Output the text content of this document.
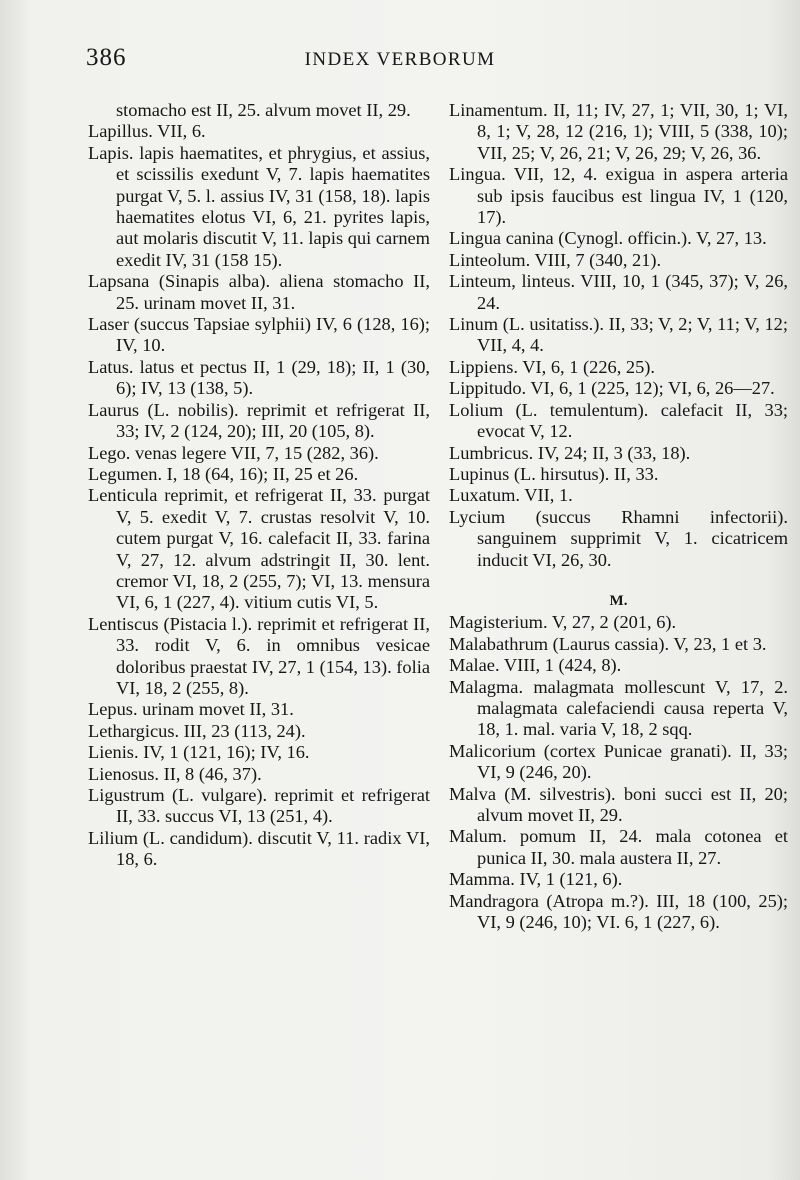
386	INDEX VERBORUM

stomacho est II, 25. alvum movet II, 29.

Lapillus. VII, 6.

Lapis. lapis haematites, et phrygius, et assius, et scissilis exedunt V, 7. lapis haematites purgat V, 5. l. assius IV, 31 (158, 18). lapis haematites elotus VI, 6, 21. pyrites lapis, aut molaris discutit V, 11. lapis qui carnem exedit IV, 31 (158 15).

Lapsana (Sinapis alba). aliena stomacho II, 25. urinam movet II, 31.

Laser (succus Tapsiae sylphii) IV, 6 (128, 16); IV, 10.

Latus. latus et pectus II, 1 (29, 18); II, 1 (30, 6); IV, 13 (138, 5).

Laurus (L. nobilis). reprimit et refrigerat II, 33; IV, 2 (124, 20); III, 20 (105, 8).

Lego. venas legere VII, 7, 15 (282, 36).

Legumen. I, 18 (64, 16); II, 25 et 26.

Lenticula reprimit, et refrigerat II, 33. purgat V, 5. exedit V, 7. crustas resolvit V, 10. cutem purgat V, 16. calefacit II, 33. farina V, 27, 12. alvum adstringit II, 30. lent. cremor VI, 18, 2 (255, 7); VI, 13. mensura VI, 6, 1 (227, 4). vitium cutis VI, 5.

Lentiscus (Pistacia l.). reprimit et refrigerat II, 33. rodit V, 6. in omnibus vesicae doloribus praestat IV, 27, 1 (154, 13). folia VI, 18, 2 (255, 8).

Lepus. urinam movet II, 31.

Lethargicus. III, 23 (113, 24).

Lienis. IV, 1 (121, 16); IV, 16.

Lienosus. II, 8 (46, 37).

Ligustrum (L. vulgare). reprimit et refrigerat II, 33. succus VI, 13 (251, 4).

Lilium (L. candidum). discutit V, 11. radix VI, 18, 6.

Linamentum. II, 11; IV, 27, 1; VII, 30, 1; VI, 8, 1; V, 28, 12 (216, 1); VIII, 5 (338, 10); VII, 25; V, 26, 21; V, 26, 29; V, 26, 36.

Lingua. VII, 12, 4. exigua in aspera arteria sub ipsis faucibus est lingua IV, 1 (120, 17).

Lingua canina (Cynogl. officin.). V, 27, 13.

Linteolum. VIII, 7 (340, 21).

Linteum, linteus. VIII, 10, 1 (345, 37); V, 26, 24.

Linum (L. usitatiss.). II, 33; V, 2; V, 11; V, 12; VII, 4, 4.

Lippiens. VI, 6, 1 (226, 25).

Lippitudo. VI, 6, 1 (225, 12); VI, 6, 26—27.

Lolium (L. temulentum). calefacit II, 33; evocat V, 12.

Lumbricus. IV, 24; II, 3 (33, 18).

Lupinus (L. hirsutus). II, 33.

Luxatum. VII, 1.

Lycium (succus Rhamni infectorii). sanguinem supprimit V, 1. cicatricem inducit VI, 26, 30.

M.

Magisterium. V, 27, 2 (201, 6).

Malabathrum (Laurus cassia). V, 23, 1 et 3.

Malae. VIII, 1 (424, 8).

Malagma. malagmata mollescunt V, 17, 2. malagmata calefaciendi causa reperta V, 18, 1. mal. varia V, 18, 2 sqq.

Malicorium (cortex Punicae granati). II, 33; VI, 9 (246, 20).

Malva (M. silvestris). boni succi est II, 20; alvum movet II, 29.

Malum. pomum II, 24. mala cotonea et punica II, 30. mala austera II, 27.

Mamma. IV, 1 (121, 6).

Mandragora (Atropa m.?). III, 18 (100, 25); VI, 9 (246, 10); VI. 6, 1 (227, 6).
